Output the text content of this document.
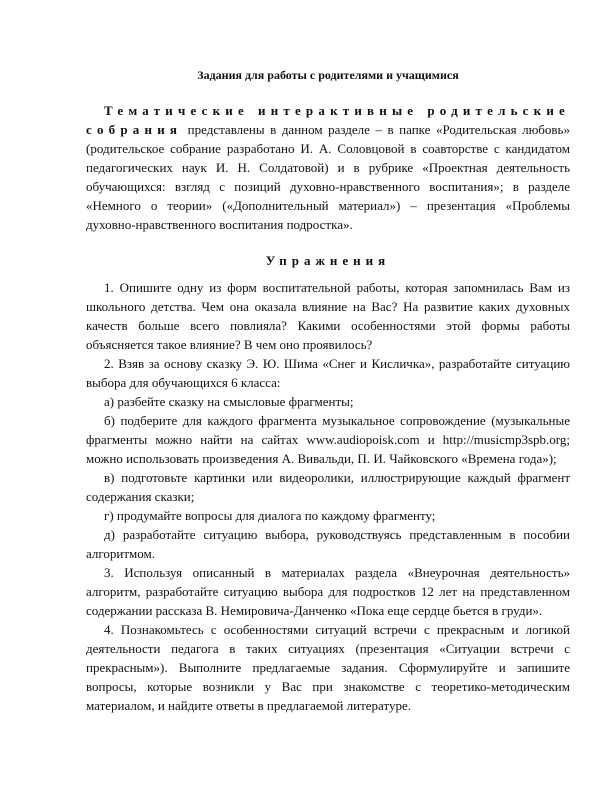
Задания для работы с родителями и учащимися

Тематические интерактивные родительские собрания представлены в данном разделе – в папке «Родительская любовь» (родительское собрание разработано И. А. Соловцовой в соавторстве с кандидатом педагогических наук И. Н. Солдатовой) и в рубрике «Проектная деятельность обучающихся: взгляд с позиций духовно-нравственного воспитания»; в разделе «Немного о теории» («Дополнительный материал») – презентация «Проблемы духовно-нравственного воспитания подростка».

Упражнения

1. Опишите одну из форм воспитательной работы, которая запомнилась Вам из школьного детства. Чем она оказала влияние на Вас? На развитие каких духовных качеств больше всего повлияла? Какими особенностями этой формы работы объясняется такое влияние? В чем оно проявилось?

2. Взяв за основу сказку Э. Ю. Шима «Снег и Кисличка», разработайте ситуацию выбора для обучающихся 6 класса:

а) разбейте сказку на смысловые фрагменты;

б) подберите для каждого фрагмента музыкальное сопровождение (музыкальные фрагменты можно найти на сайтах www.audiopoisk.com и http://musicmp3spb.org; можно использовать произведения А. Вивальди, П. И. Чайковского «Времена года»);

в) подготовьте картинки или видеоролики, иллюстрирующие каждый фрагмент содержания сказки;

г) продумайте вопросы для диалога по каждому фрагменту;

д) разработайте ситуацию выбора, руководствуясь представленным в пособии алгоритмом.

3. Используя описанный в материалах раздела «Внеурочная деятельность» алгоритм, разработайте ситуацию выбора для подростков 12 лет на представленном содержании рассказа В. Немировича-Данченко «Пока еще сердце бьется в груди».

4. Познакомьтесь с особенностями ситуаций встречи с прекрасным и логикой деятельности педагога в таких ситуациях (презентация «Ситуации встречи с прекрасным»). Выполните предлагаемые задания. Сформулируйте и запишите вопросы, которые возникли у Вас при знакомстве с теоретико-методическим материалом, и найдите ответы в предлагаемой литературе.
